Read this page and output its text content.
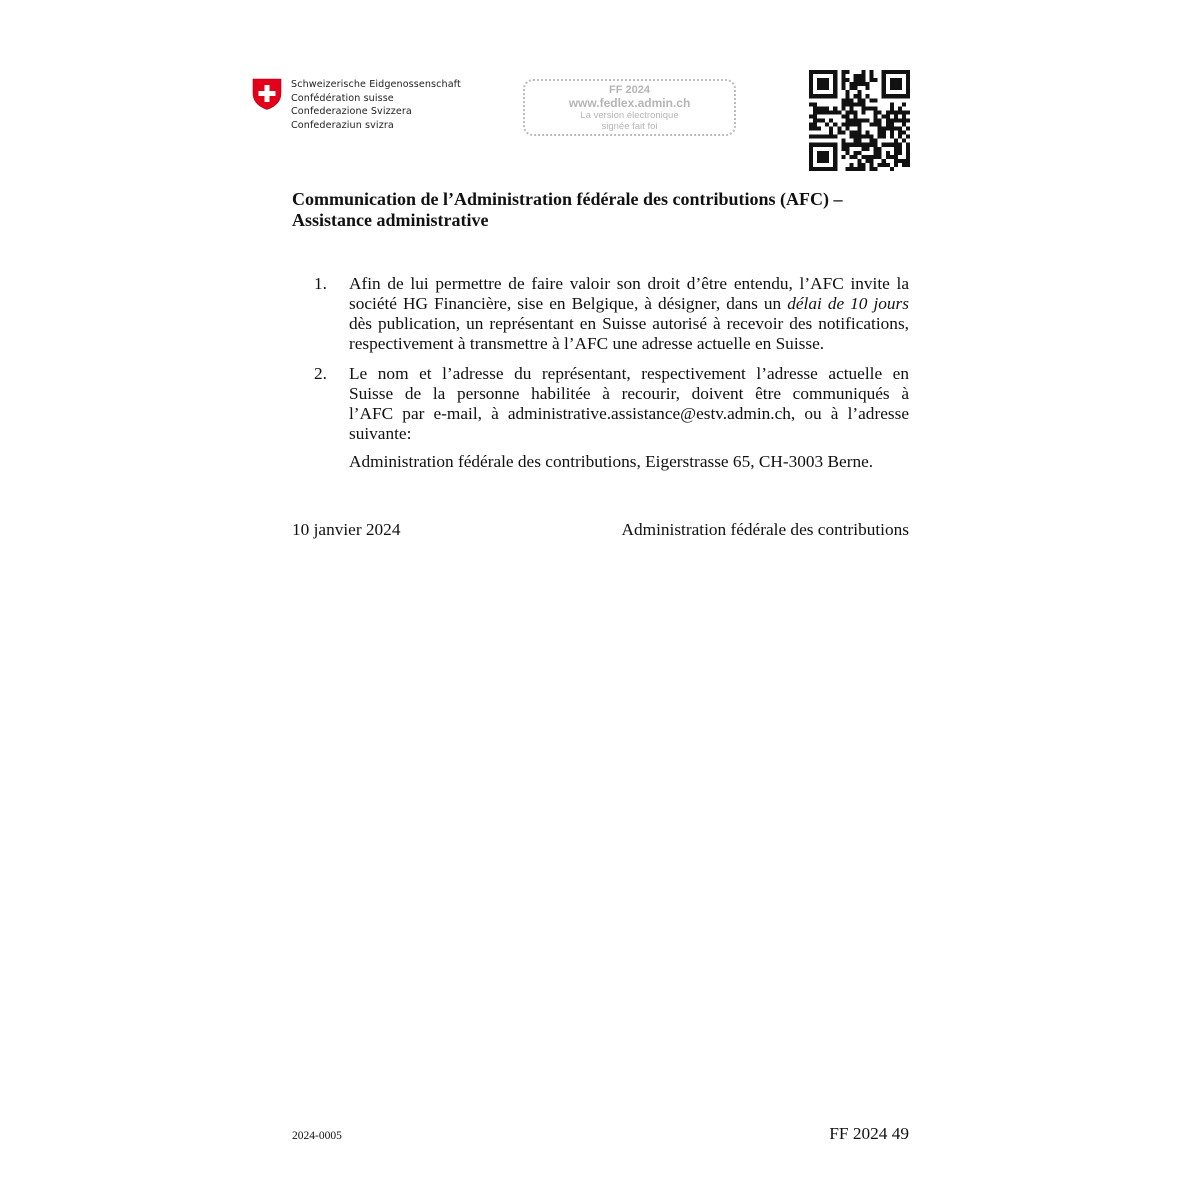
Schweizerische Eidgenossenschaft
Confédération suisse
Confederazione Svizzera
Confederaziun svizra
FF 2024
www.fedlex.admin.ch
La version électronique
signée fait foi
Communication de l’Administration fédérale des contributions (AFC) –
Assistance administrative
1. Afin de lui permettre de faire valoir son droit d’être entendu, l’AFC invite la
société HG Financière, sise en Belgique, à désigner, dans un délai de 10 jours
dès publication, un représentant en Suisse autorisé à recevoir des notifications,
respectivement à transmettre à l’AFC une adresse actuelle en Suisse.
2. Le nom et l’adresse du représentant, respectivement l’adresse actuelle en
Suisse de la personne habilitée à recourir, doivent être communiqués à
l’AFC par e-mail, à administrative.assistance@estv.admin.ch, ou à l’adresse
suivante:
Administration fédérale des contributions, Eigerstrasse 65, CH-3003 Berne.
10 janvier 2024	Administration fédérale des contributions
2024-0005	FF 2024 49
